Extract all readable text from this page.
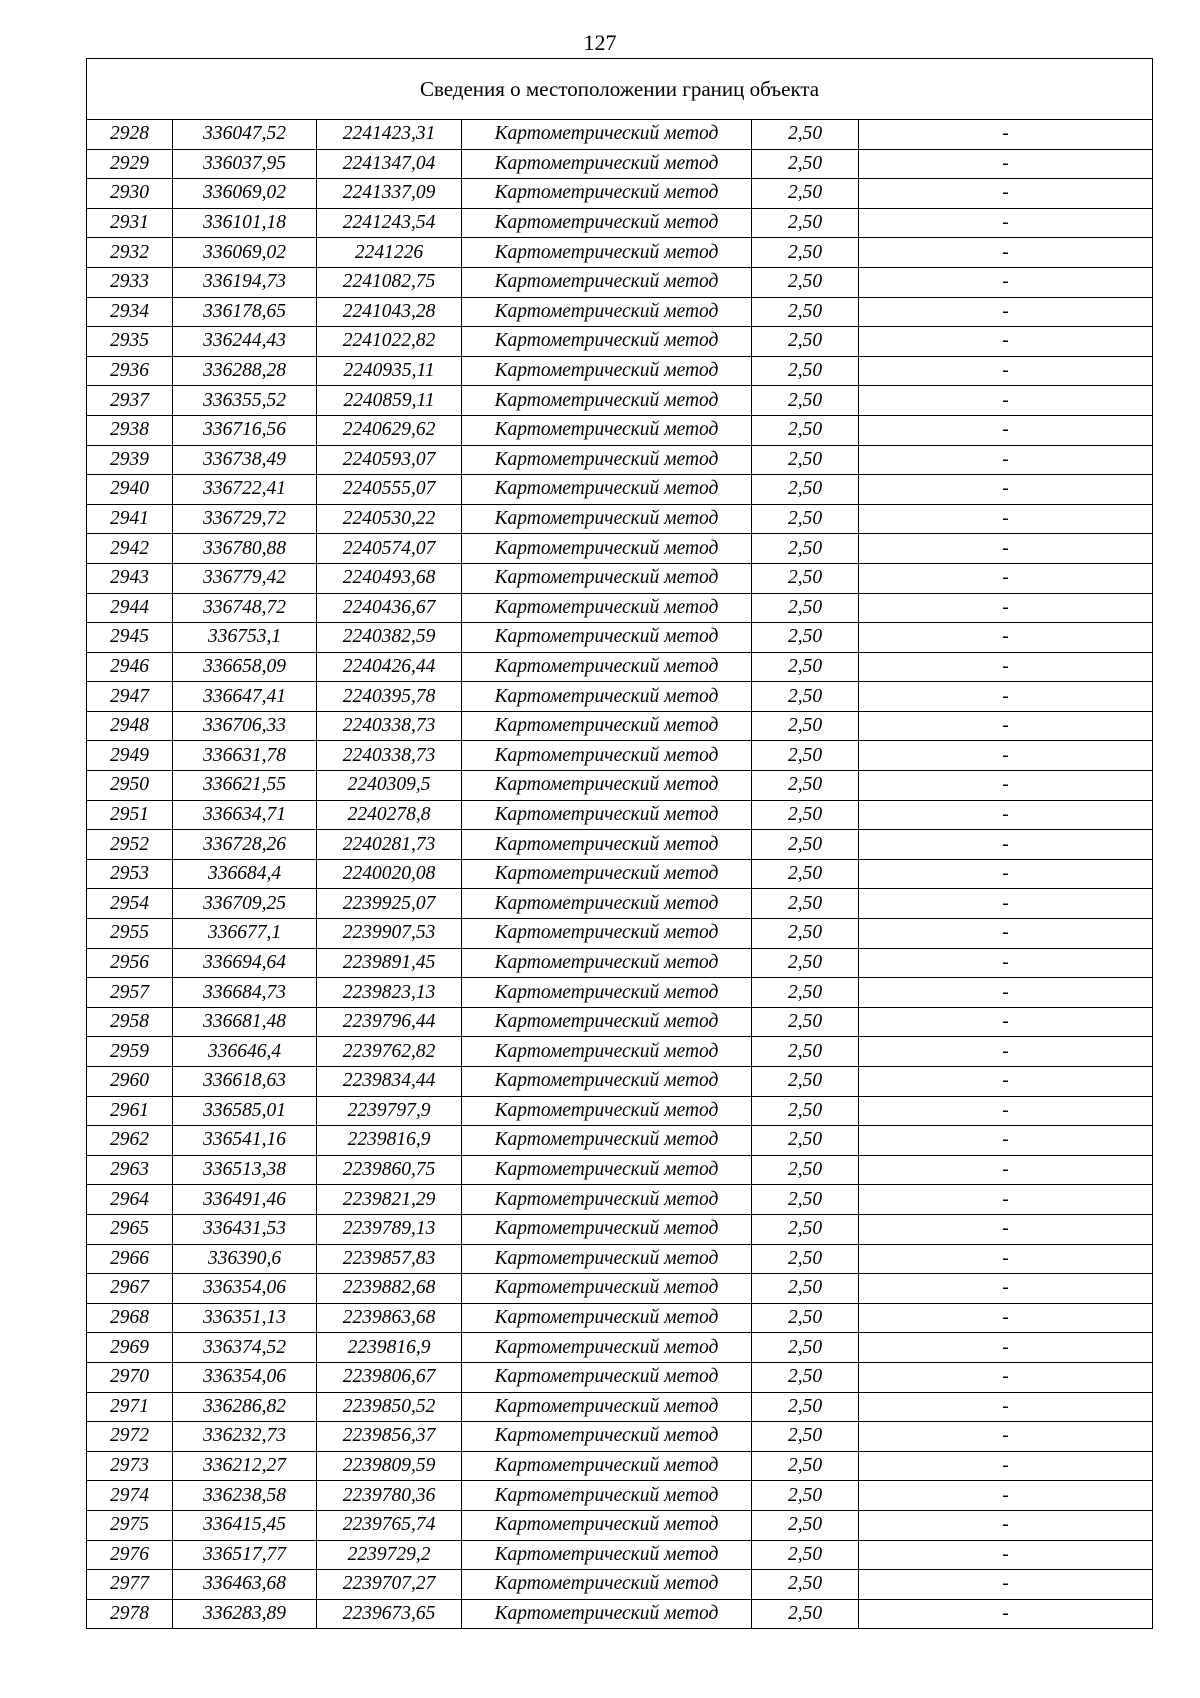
127
Сведения о местоположении границ объекта					
2928	336047,52	2241423,31	Картометрический метод	2,50	-
2929	336037,95	2241347,04	Картометрический метод	2,50	-
2930	336069,02	2241337,09	Картометрический метод	2,50	-
2931	336101,18	2241243,54	Картометрический метод	2,50	-
2932	336069,02	2241226	Картометрический метод	2,50	-
2933	336194,73	2241082,75	Картометрический метод	2,50	-
2934	336178,65	2241043,28	Картометрический метод	2,50	-
2935	336244,43	2241022,82	Картометрический метод	2,50	-
2936	336288,28	2240935,11	Картометрический метод	2,50	-
2937	336355,52	2240859,11	Картометрический метод	2,50	-
2938	336716,56	2240629,62	Картометрический метод	2,50	-
2939	336738,49	2240593,07	Картометрический метод	2,50	-
2940	336722,41	2240555,07	Картометрический метод	2,50	-
2941	336729,72	2240530,22	Картометрический метод	2,50	-
2942	336780,88	2240574,07	Картометрический метод	2,50	-
2943	336779,42	2240493,68	Картометрический метод	2,50	-
2944	336748,72	2240436,67	Картометрический метод	2,50	-
2945	336753,1	2240382,59	Картометрический метод	2,50	-
2946	336658,09	2240426,44	Картометрический метод	2,50	-
2947	336647,41	2240395,78	Картометрический метод	2,50	-
2948	336706,33	2240338,73	Картометрический метод	2,50	-
2949	336631,78	2240338,73	Картометрический метод	2,50	-
2950	336621,55	2240309,5	Картометрический метод	2,50	-
2951	336634,71	2240278,8	Картометрический метод	2,50	-
2952	336728,26	2240281,73	Картометрический метод	2,50	-
2953	336684,4	2240020,08	Картометрический метод	2,50	-
2954	336709,25	2239925,07	Картометрический метод	2,50	-
2955	336677,1	2239907,53	Картометрический метод	2,50	-
2956	336694,64	2239891,45	Картометрический метод	2,50	-
2957	336684,73	2239823,13	Картометрический метод	2,50	-
2958	336681,48	2239796,44	Картометрический метод	2,50	-
2959	336646,4	2239762,82	Картометрический метод	2,50	-
2960	336618,63	2239834,44	Картометрический метод	2,50	-
2961	336585,01	2239797,9	Картометрический метод	2,50	-
2962	336541,16	2239816,9	Картометрический метод	2,50	-
2963	336513,38	2239860,75	Картометрический метод	2,50	-
2964	336491,46	2239821,29	Картометрический метод	2,50	-
2965	336431,53	2239789,13	Картометрический метод	2,50	-
2966	336390,6	2239857,83	Картометрический метод	2,50	-
2967	336354,06	2239882,68	Картометрический метод	2,50	-
2968	336351,13	2239863,68	Картометрический метод	2,50	-
2969	336374,52	2239816,9	Картометрический метод	2,50	-
2970	336354,06	2239806,67	Картометрический метод	2,50	-
2971	336286,82	2239850,52	Картометрический метод	2,50	-
2972	336232,73	2239856,37	Картометрический метод	2,50	-
2973	336212,27	2239809,59	Картометрический метод	2,50	-
2974	336238,58	2239780,36	Картометрический метод	2,50	-
2975	336415,45	2239765,74	Картометрический метод	2,50	-
2976	336517,77	2239729,2	Картометрический метод	2,50	-
2977	336463,68	2239707,27	Картометрический метод	2,50	-
2978	336283,89	2239673,65	Картометрический метод	2,50	-
